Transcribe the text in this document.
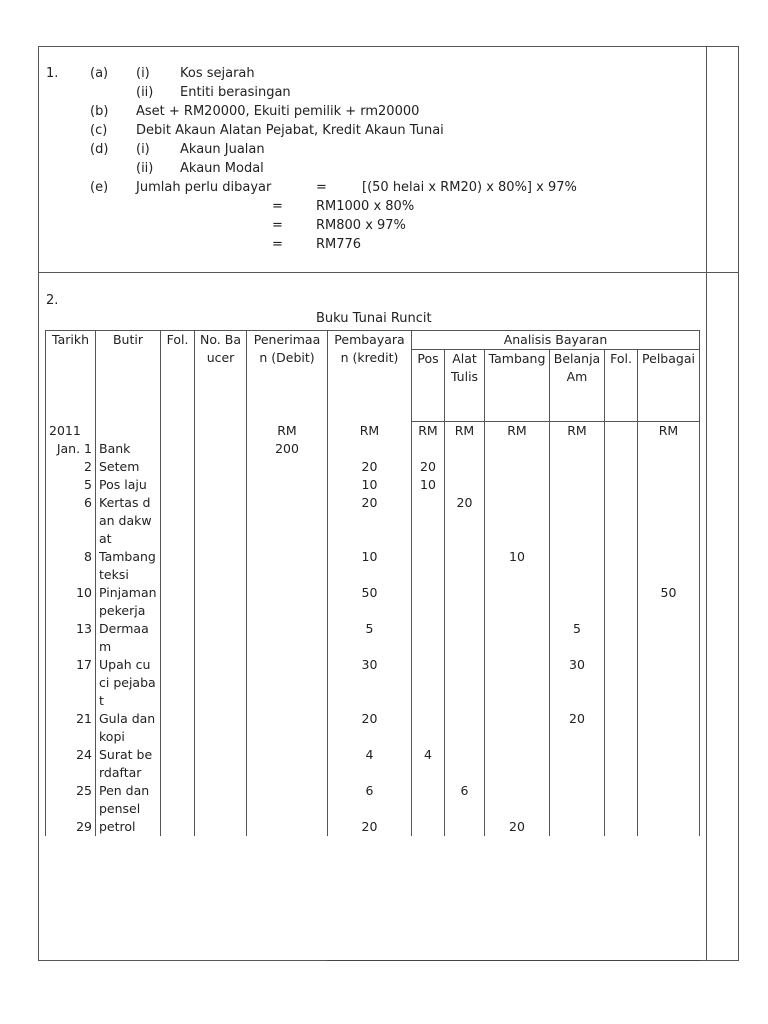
1. (a) (i) Kos sejarah
(ii) Entiti berasingan
(b) Aset + RM20000, Ekuiti pemilik + rm20000
(c) Debit Akaun Alatan Pejabat, Kredit Akaun Tunai
(d) (i) Akaun Jualan
(ii) Akaun Modal
(e) Jumlah perlu dibayar	=	[(50 helai x RM20) x 80%] x 97%
=	RM1000 x 80%
=	RM800 x 97%
=	RM776
2.
Buku Tunai Runcit
Tarikh	Butir	Fol.	No. Baucer	Penerimaan (Debit)	Pembayaran (kredit)	Analisis Bayaran					
						Pos	Alat Tulis	Tambang	Belanja Am	Fol.	Pelbagai
2011				RM	RM	RM	RM	RM	RM		RM
Jan. 1	Bank			200							
2	Setem				20	20					
5	Pos laju				10	10					
6	Kertas dan dakwat				20		20				
8	Tambang teksi				10			10			
10	Pinjaman pekerja				50						50
13	Dermaam				5				5		
17	Upah cuci pejabat				30				30		
21	Gula dan kopi				20				20		
24	Surat berdaftar				4	4					
25	Pen dan pensel				6		6				
29	petrol				20			20			
